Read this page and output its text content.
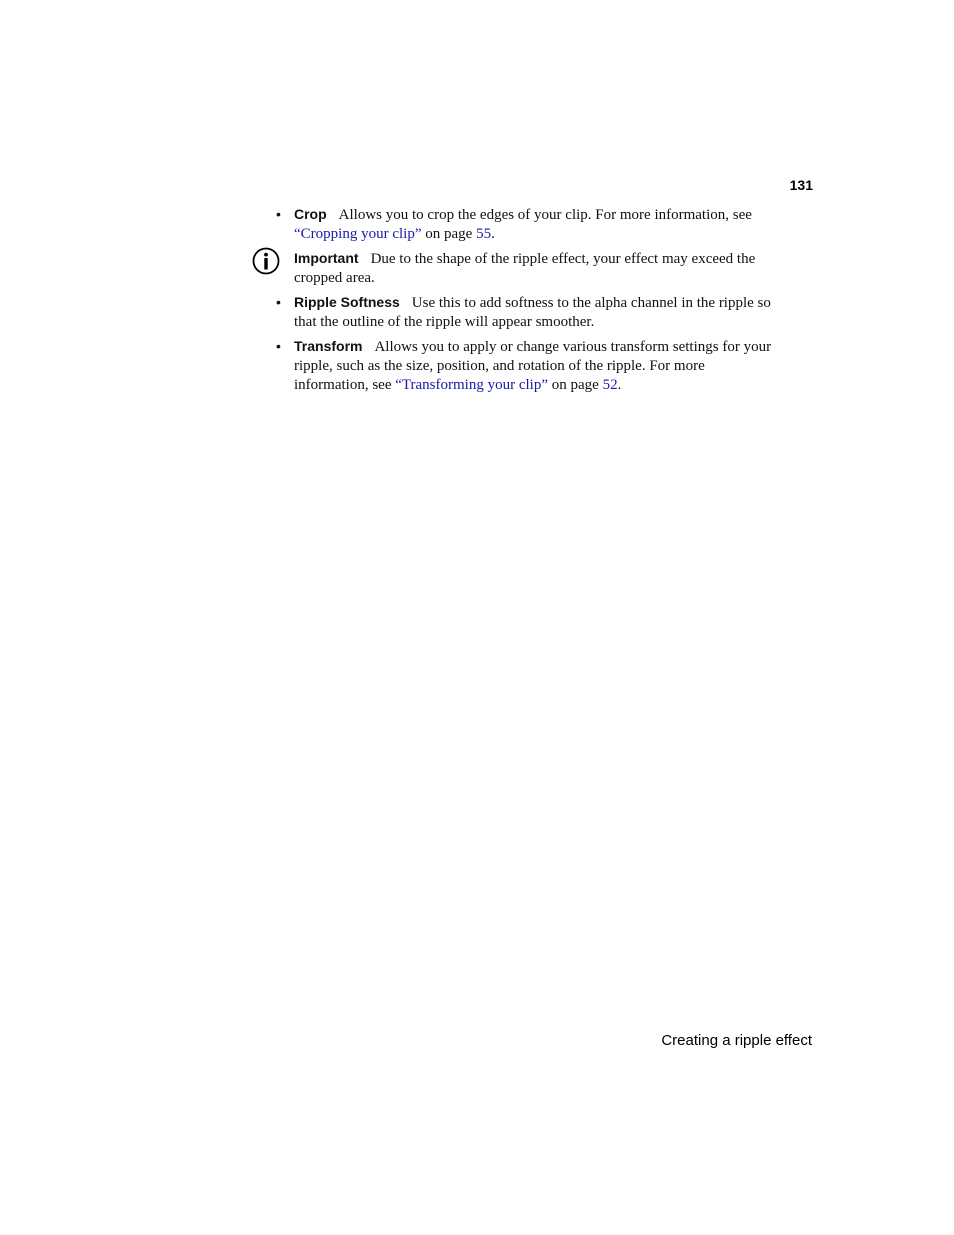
131
• Crop Allows you to crop the edges of your clip. For more information, see “Cropping your clip” on page 55.
Important Due to the shape of the ripple effect, your effect may exceed the cropped area.
• Ripple Softness Use this to add softness to the alpha channel in the ripple so that the outline of the ripple will appear smoother.
• Transform Allows you to apply or change various transform settings for your ripple, such as the size, position, and rotation of the ripple. For more information, see “Transforming your clip” on page 52.
Creating a ripple effect
